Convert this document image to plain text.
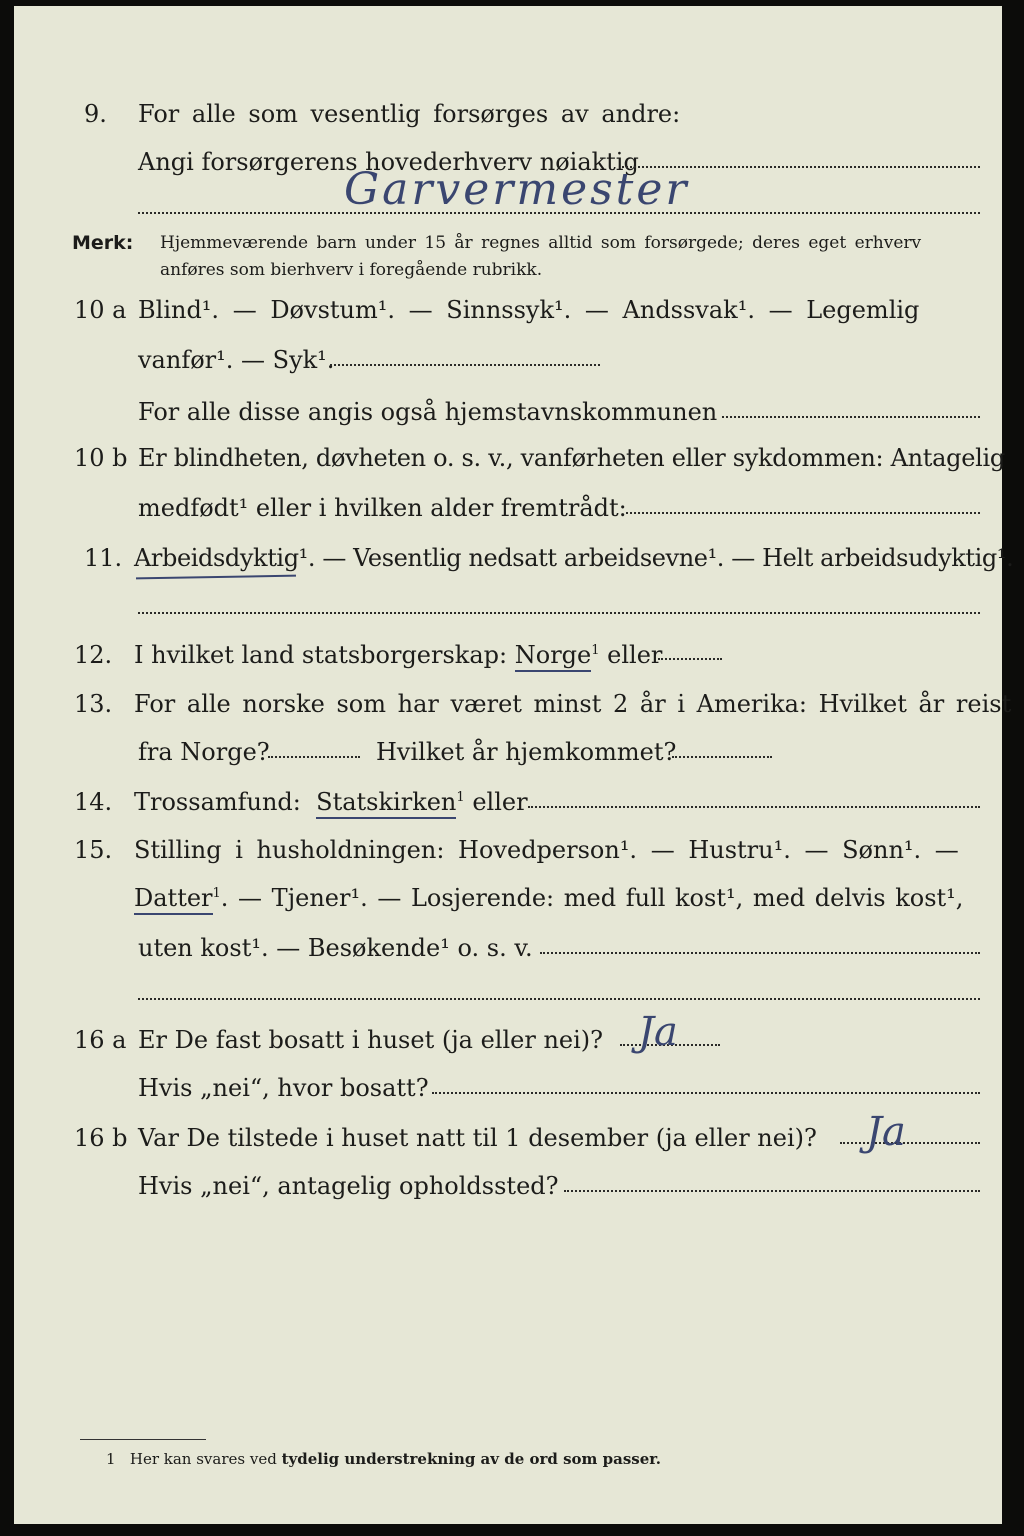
9. For alle som vesentlig forsørges av andre:
Angi forsørgerens hovederhverv nøiaktig
Garvermester
Merk: Hjemmeværende barn under 15 år regnes alltid som forsørgede; deres eget erhverv
anføres som bierhverv i foregående rubrikk.
10 a Blind¹. — Døvstum¹. — Sinnssyk¹. — Andssvak¹. — Legemlig
vanfør¹. — Syk¹.
For alle disse angis også hjemstavnskommunen
10 b Er blindheten, døvheten o. s. v., vanførheten eller sykdommen: Antagelig
medfødt¹ eller i hvilken alder fremtrådt:
11. Arbeidsdyktig¹. — Vesentlig nedsatt arbeidsevne¹. — Helt arbeidsudyktig¹.
12. I hvilket land statsborgerskap: Norge$^1$ eller
13. For alle norske som har været minst 2 år i Amerika: Hvilket år reist
fra Norge?	Hvilket år hjemkommet?
14. Trossamfund: Statskirken$^1$ eller
15. Stilling i husholdningen: Hovedperson¹. — Hustru¹. — Sønn¹. —
Datter$^1$. — Tjener¹. — Losjerende: med full kost¹, med delvis kost¹,
uten kost¹. — Besøkende¹ o. s. v.
16 a Er De fast bosatt i huset (ja eller nei)? Ja
Hvis „nei“, hvor bosatt?
16 b Var De tilstede i huset natt til 1 desember (ja eller nei)? Ja
Hvis „nei“, antagelig opholdssted?
1 Her kan svares ved tydelig understrekning av de ord som passer.
